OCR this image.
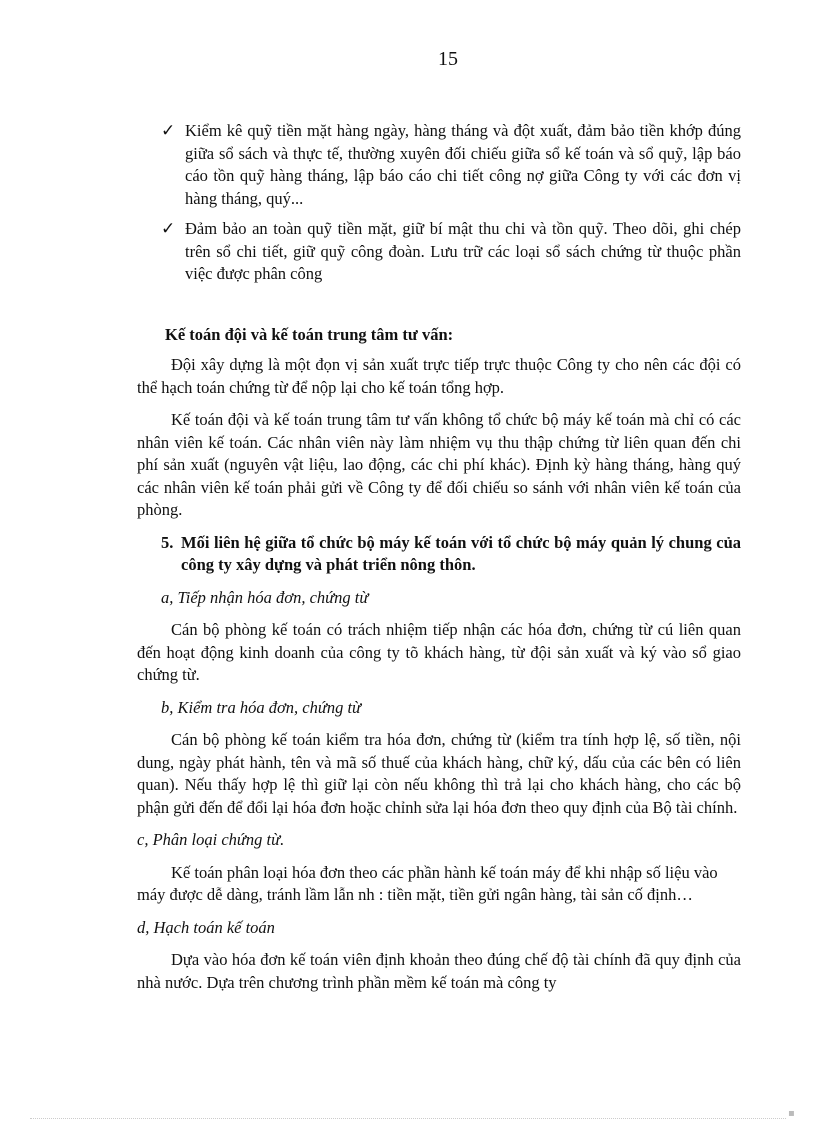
15
✓ Kiểm kê quỹ tiền mặt hàng ngày, hàng tháng và đột xuất, đảm bảo tiền khớp đúng giữa sổ sách và thực tế, thường xuyên đối chiếu giữa sổ kế toán và sổ quỹ, lập báo cáo tồn quỹ hàng tháng, lập báo cáo chi tiết công nợ giữa Công ty với các đơn vị hàng tháng, quý...
✓ Đảm bảo an toàn quỹ tiền mặt, giữ bí mật thu chi và tồn quỹ. Theo dõi, ghi chép trên sổ chi tiết, giữ quỹ công đoàn. Lưu trữ các loại sổ sách chứng từ thuộc phần việc được phân công
Kế toán đội và kế toán trung tâm tư vấn:

Đội xây dựng là một đọn vị sản xuất trực tiếp trực thuộc Công ty cho nên các đội có thể hạch toán chứng từ để nộp lại cho kế toán tổng hợp.

Kế toán đội và kế toán trung tâm tư vấn không tổ chức bộ máy kế toán mà chỉ có các nhân viên kế toán. Các nhân viên này làm nhiệm vụ thu thập chứng từ liên quan đến chi phí sản xuất (nguyên vật liệu, lao động, các chi phí khác). Định kỳ hàng tháng, hàng quý các nhân viên kế toán phải gửi về Công ty để đối chiếu so sánh với nhân viên kế toán của phòng.

5. Mối liên hệ giữa tổ chức bộ máy kế toán với tổ chức bộ máy quản lý chung của công ty xây dựng và phát triển nông thôn.
a, Tiếp nhận hóa đơn, chứng từ

Cán bộ phòng kế toán có trách nhiệm tiếp nhận các hóa đơn, chứng từ cú liên quan đến hoạt động kinh doanh của công ty tõ khách hàng, từ đội sản xuất và ký vào sổ giao chứng từ.

b, Kiểm tra hóa đơn, chứng từ

Cán bộ phòng kế toán kiểm tra hóa đơn, chứng từ (kiểm tra tính hợp lệ, số tiền, nội dung, ngày phát hành, tên và mã số thuế của khách hàng, chữ ký, dấu của các bên có liên quan). Nếu thấy hợp lệ thì giữ lại còn nếu không thì trả lại cho khách hàng, cho các bộ phận gửi đến để đổi lại hóa đơn hoặc chỉnh sửa lại hóa đơn theo quy định của Bộ tài chính.

c, Phân loại chứng từ.

Kế toán phân loại hóa đơn theo các phần hành kế toán máy để khi nhập số liệu vào máy được dễ dàng, tránh lầm lẫn nh : tiền mặt, tiền gửi ngân hàng, tài sản cố định…

d, Hạch toán kế toán

Dựa vào hóa đơn kế toán viên định khoản theo đúng chế độ tài chính đã quy định của nhà nước. Dựa trên chương trình phần mềm kế toán mà công ty

▪
